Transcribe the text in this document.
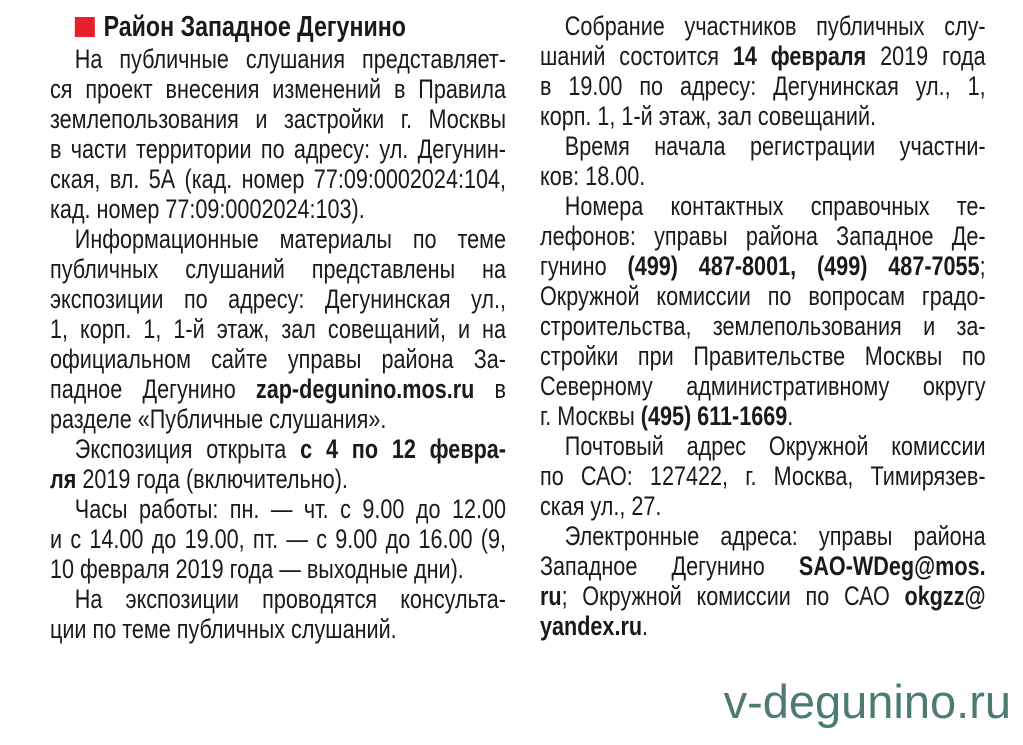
Район Западное Дегунино
На публичные слушания представляет-
ся проект внесения изменений в Правила
землепользования и застройки г. Москвы
в части территории по адресу: ул. Дегунин-
ская, вл. 5А (кад. номер 77:09:0002024:104,
кад. номер 77:09:0002024:103).
Информационные материалы по теме
публичных слушаний представлены на
экспозиции по адресу: Дегунинская ул.,
1, корп. 1, 1-й этаж, зал совещаний, и на
официальном сайте управы района За-
падное Дегунино zap-degunino.mos.ru в
разделе «Публичные слушания».
Экспозиция открыта с 4 по 12 февра-
ля 2019 года (включительно).
Часы работы: пн. — чт. с 9.00 до 12.00
и с 14.00 до 19.00, пт. — с 9.00 до 16.00 (9,
10 февраля 2019 года — выходные дни).
На экспозиции проводятся консульта-
ции по теме публичных слушаний.
Собрание участников публичных слу-
шаний состоится 14 февраля 2019 года
в 19.00 по адресу: Дегунинская ул., 1,
корп. 1, 1-й этаж, зал совещаний.
Время начала регистрации участни-
ков: 18.00.
Номера контактных справочных те-
лефонов: управы района Западное Де-
гунино (499) 487-8001, (499) 487-7055;
Окружной комиссии по вопросам градо-
строительства, землепользования и за-
стройки при Правительстве Москвы по
Северному административному округу
г. Москвы (495) 611-1669.
Почтовый адрес Окружной комиссии
по САО: 127422, г. Москва, Тимирязев-
ская ул., 27.
Электронные адреса: управы района
Западное Дегунино SAO-WDeg@mos.
ru; Окружной комиссии по САО okgzz@
yandex.ru.
v-degunino.ru
